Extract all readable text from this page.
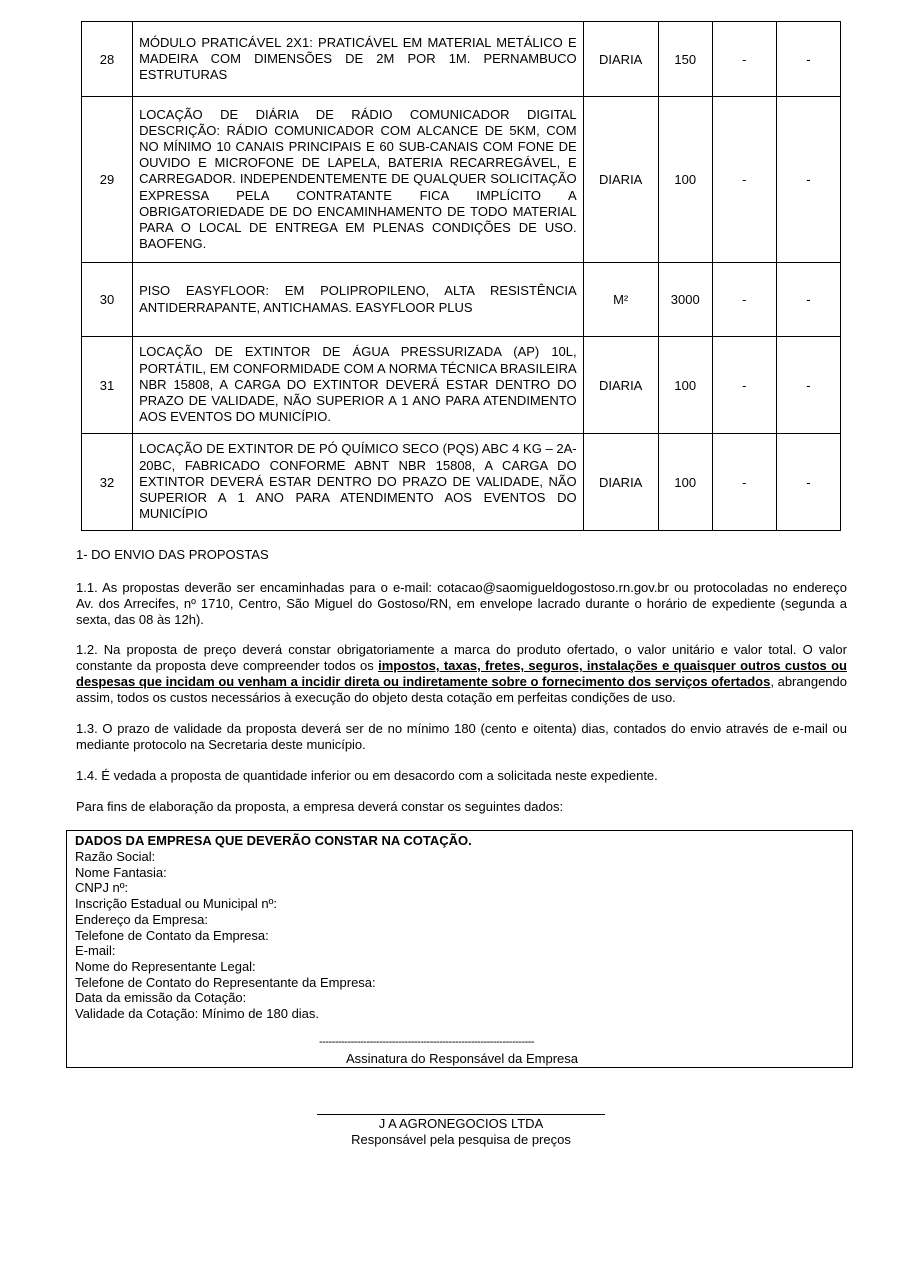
28	MÓDULO PRATICÁVEL 2X1: PRATICÁVEL EM MATERIAL METÁLICO E MADEIRA COM DIMENSÕES DE 2M POR 1M. PERNAMBUCO ESTRUTURAS	DIARIA	150	-	-
29	LOCAÇÃO DE DIÁRIA DE RÁDIO COMUNICADOR DIGITAL DESCRIÇÃO: RÁDIO COMUNICADOR COM ALCANCE DE 5KM, COM NO MÍNIMO 10 CANAIS PRINCIPAIS E 60 SUB-CANAIS COM FONE DE OUVIDO E MICROFONE DE LAPELA, BATERIA RECARREGÁVEL, E CARREGADOR. INDEPENDENTEMENTE DE QUALQUER SOLICITAÇÃO EXPRESSA PELA CONTRATANTE FICA IMPLÍCITO A OBRIGATORIEDADE DE DO ENCAMINHAMENTO DE TODO MATERIAL PARA O LOCAL DE ENTREGA EM PLENAS CONDIÇÕES DE USO. BAOFENG.	DIARIA	100	-	-
30	PISO EASYFLOOR: EM POLIPROPILENO, ALTA RESISTÊNCIA ANTIDERRAPANTE, ANTICHAMAS. EASYFLOOR PLUS	M²	3000	-	-
31	LOCAÇÃO DE EXTINTOR DE ÁGUA PRESSURIZADA (AP) 10L, PORTÁTIL, EM CONFORMIDADE COM A NORMA TÉCNICA BRASILEIRA NBR 15808, A CARGA DO EXTINTOR DEVERÁ ESTAR DENTRO DO PRAZO DE VALIDADE, NÃO SUPERIOR A 1 ANO PARA ATENDIMENTO AOS EVENTOS DO MUNICÍPIO.	DIARIA	100	-	-
32	LOCAÇÃO DE EXTINTOR DE PÓ QUÍMICO SECO (PQS) ABC 4 KG – 2A-20BC, FABRICADO CONFORME ABNT NBR 15808, A CARGA DO EXTINTOR DEVERÁ ESTAR DENTRO DO PRAZO DE VALIDADE, NÃO SUPERIOR A 1 ANO PARA ATENDIMENTO AOS EVENTOS DO MUNICÍPIO	DIARIA	100	-	-

1- DO ENVIO DAS PROPOSTAS

1.1. As propostas deverão ser encaminhadas para o e-mail: cotacao@saomigueldogostoso.rn.gov.br ou protocoladas no endereço Av. dos Arrecifes, nº 1710, Centro, São Miguel do Gostoso/RN, em envelope lacrado durante o horário de expediente (segunda a sexta, das 08 às 12h).

1.2. Na proposta de preço deverá constar obrigatoriamente a marca do produto ofertado, o valor unitário e valor total. O valor constante da proposta deve compreender todos os impostos, taxas, fretes, seguros, instalações e quaisquer outros custos ou despesas que incidam ou venham a incidir direta ou indiretamente sobre o fornecimento dos serviços ofertados, abrangendo assim, todos os custos necessários à execução do objeto desta cotação em perfeitas condições de uso.

1.3. O prazo de validade da proposta deverá ser de no mínimo 180 (cento e oitenta) dias, contados do envio através de e-mail ou mediante protocolo na Secretaria deste município.

1.4. É vedada a proposta de quantidade inferior ou em desacordo com a solicitada neste expediente.

Para fins de elaboração da proposta, a empresa deverá constar os seguintes dados:

DADOS DA EMPRESA QUE DEVERÃO CONSTAR NA COTAÇÃO.
Razão Social:
Nome Fantasia:
CNPJ nº:
Inscrição Estadual ou Municipal nº:
Endereço da Empresa:
Telefone de Contato da Empresa:
E-mail:
Nome do Representante Legal:
Telefone de Contato do Representante da Empresa:
Data da emissão da Cotação:
Validade da Cotação: Mínimo de 180 dias.
--------------------------------------------------------------------
Assinatura do Responsável da Empresa
J A AGRONEGOCIOS LTDA
Responsável pela pesquisa de preços
